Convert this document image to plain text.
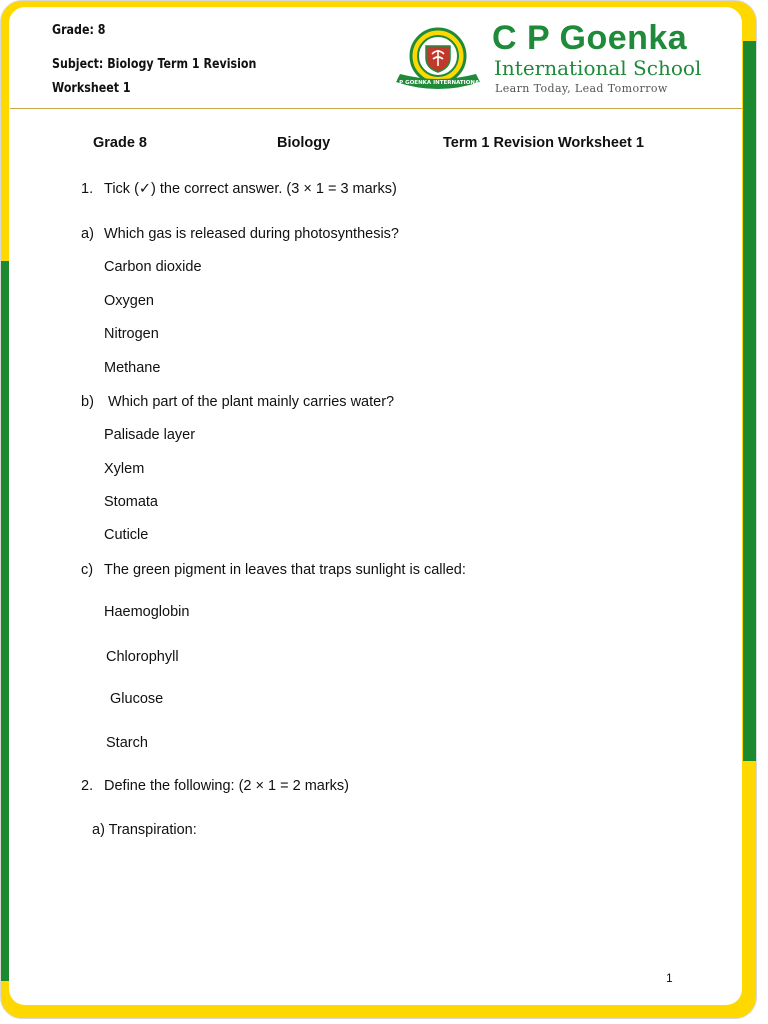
Grade: 8
Subject: Biology Term 1 Revision
Worksheet 1	C P GOENKA INTERNATIONAL
C P Goenka
International School
Learn Today, Lead Tomorrow
Grade 8	Biology	Term 1 Revision Worksheet 1
1. Tick (✓) the correct answer. (3 × 1 = 3 marks)
a) Which gas is released during photosynthesis?
Carbon dioxide
Oxygen
Nitrogen
Methane
b) Which part of the plant mainly carries water?
Palisade layer
Xylem
Stomata
Cuticle
c) The green pigment in leaves that traps sunlight is called:
Haemoglobin
Chlorophyll
Glucose
Starch
2. Define the following: (2 × 1 = 2 marks)
a) Transpiration:
1
